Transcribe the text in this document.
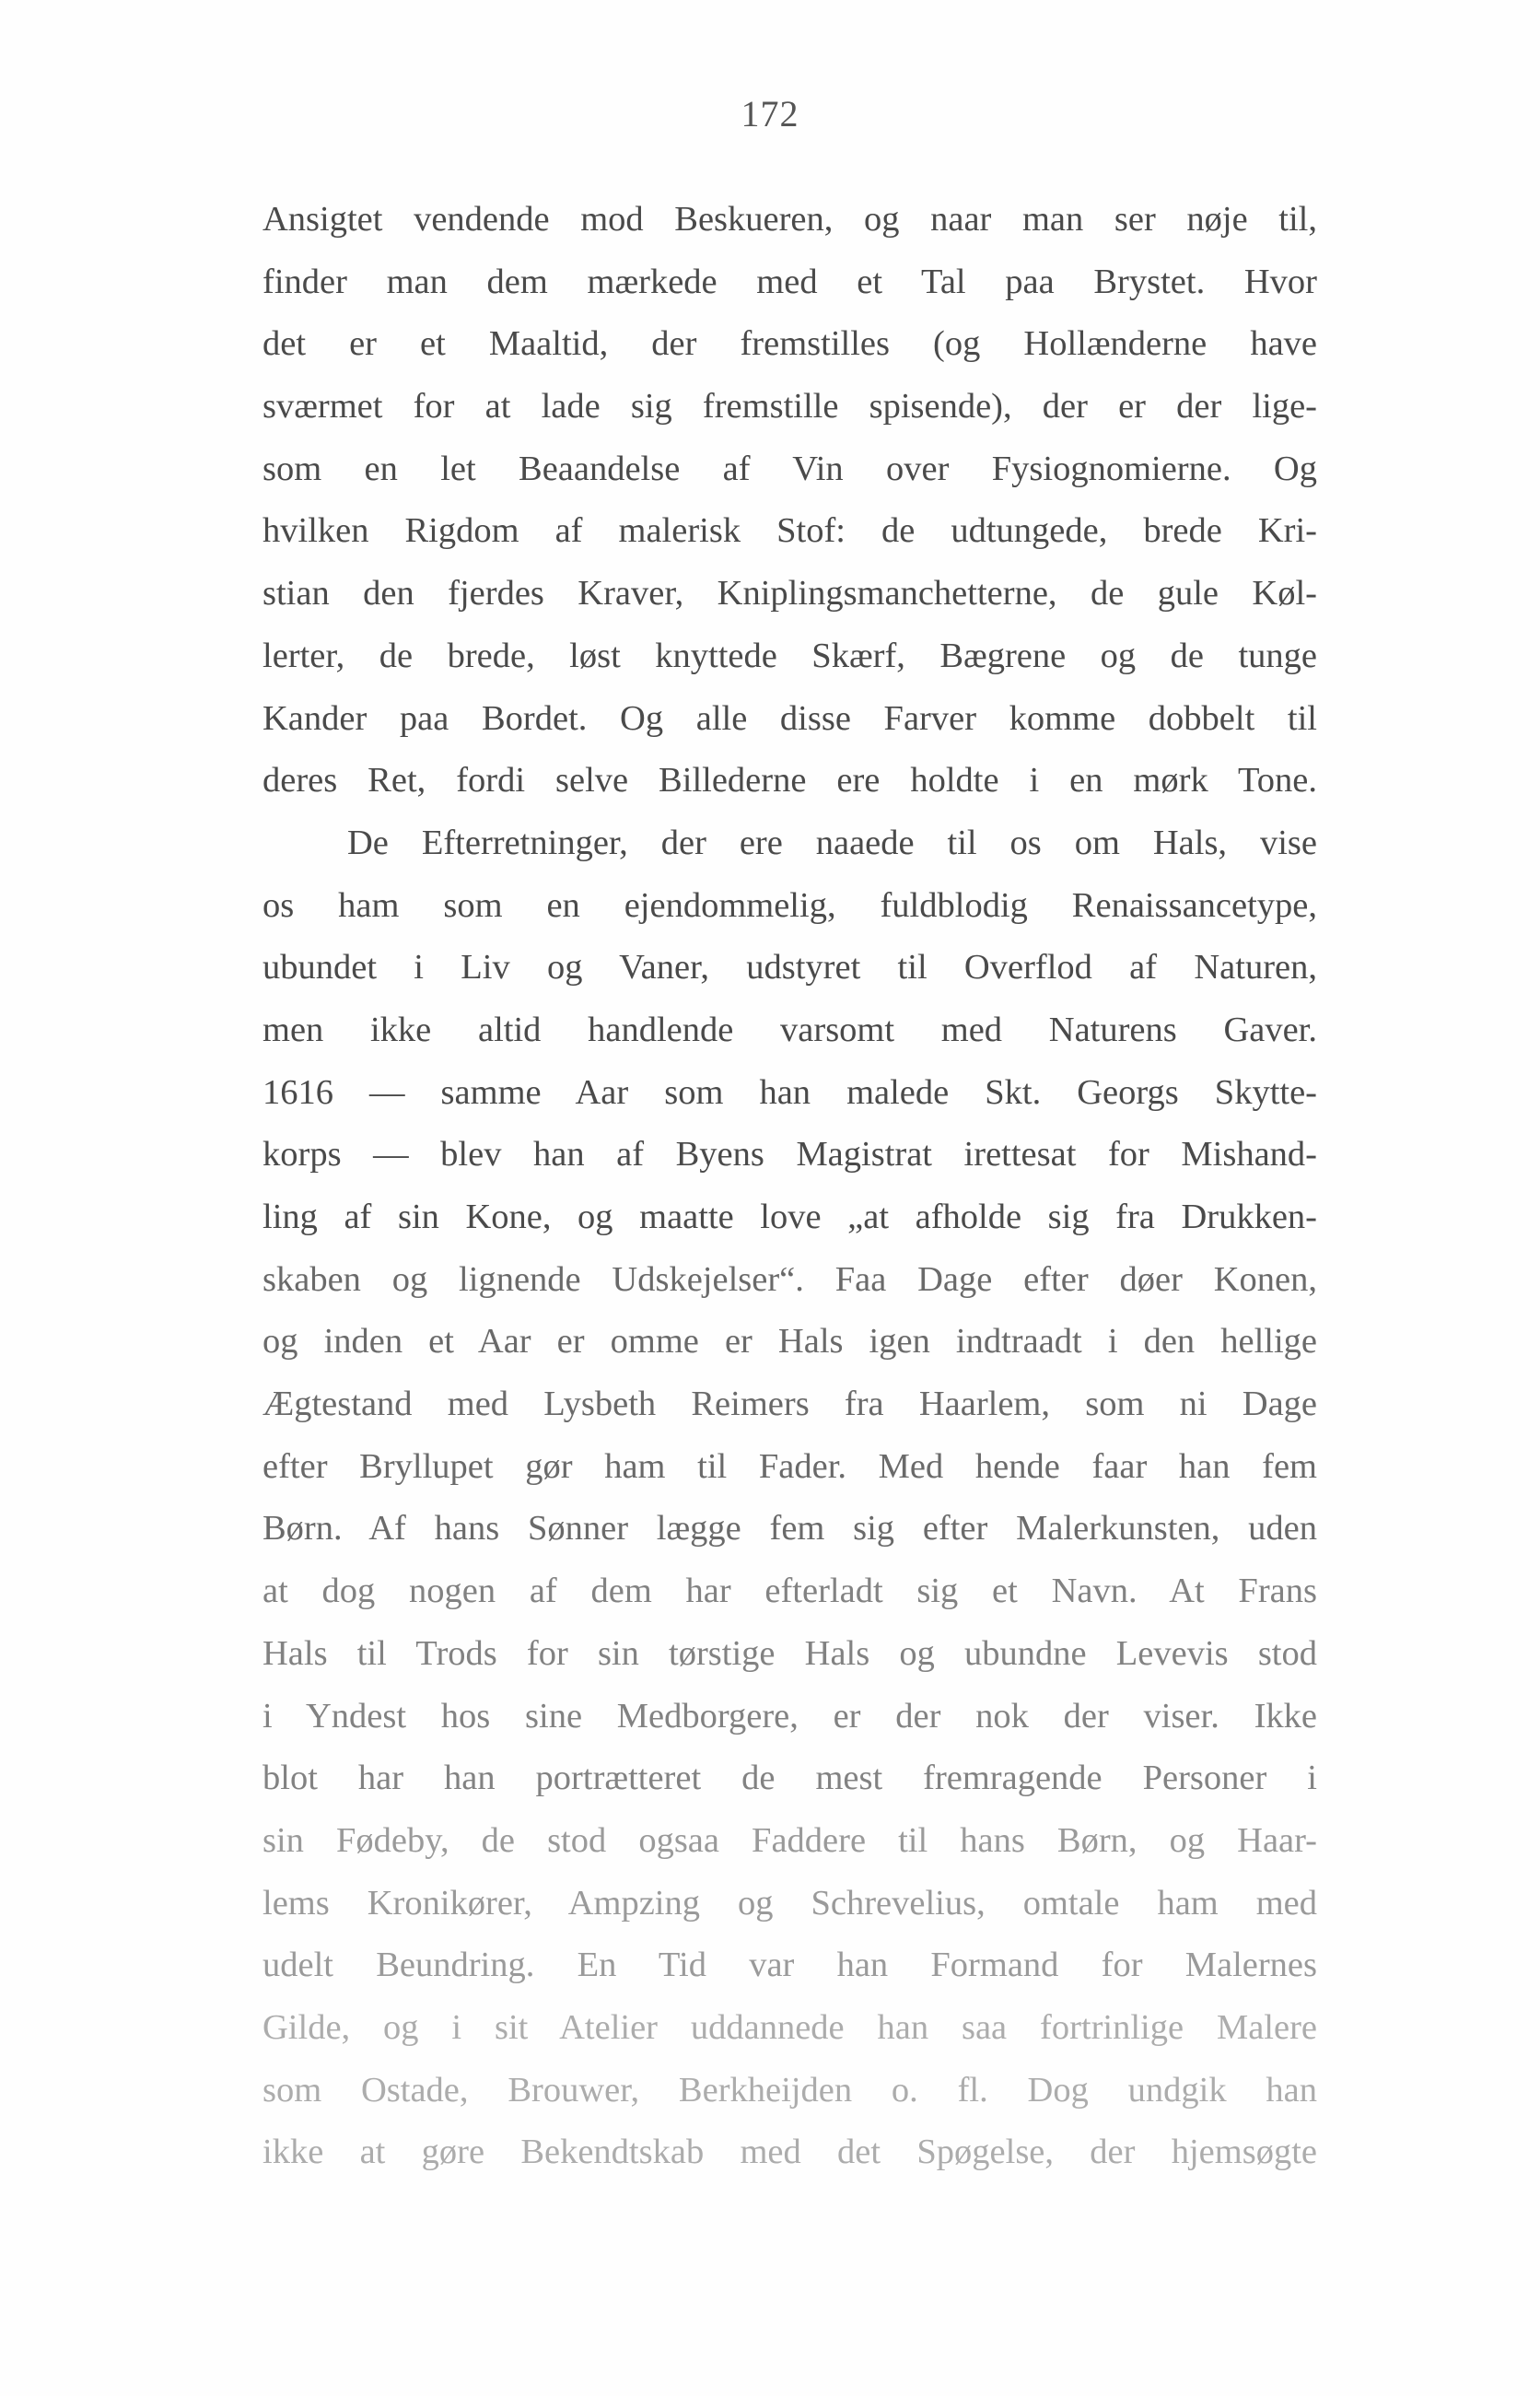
172
Ansigtet vendende mod Beskueren, og naar man ser nøje til,
finder man dem mærkede med et Tal paa Brystet. Hvor
det er et Maaltid, der fremstilles (og Hollænderne have
sværmet for at lade sig fremstille spisende), der er der lige-
som en let Beaandelse af Vin over Fysiognomierne. Og
hvilken Rigdom af malerisk Stof: de udtungede, brede Kri-
stian den fjerdes Kraver, Kniplingsmanchetterne, de gule Køl-
lerter, de brede, løst knyttede Skærf, Bægrene og de tunge
Kander paa Bordet. Og alle disse Farver komme dobbelt til
deres Ret, fordi selve Billederne ere holdte i en mørk Tone.
De Efterretninger, der ere naaede til os om Hals, vise
os ham som en ejendommelig, fuldblodig Renaissancetype,
ubundet i Liv og Vaner, udstyret til Overflod af Naturen,
men ikke altid handlende varsomt med Naturens Gaver.
1616 — samme Aar som han malede Skt. Georgs Skytte-
korps — blev han af Byens Magistrat irettesat for Mishand-
ling af sin Kone, og maatte love „at afholde sig fra Drukken-
skaben og lignende Udskejelser“. Faa Dage efter døer Konen,
og inden et Aar er omme er Hals igen indtraadt i den hellige
Ægtestand med Lysbeth Reimers fra Haarlem, som ni Dage
efter Bryllupet gør ham til Fader. Med hende faar han fem
Børn. Af hans Sønner lægge fem sig efter Malerkunsten, uden
at dog nogen af dem har efterladt sig et Navn. At Frans
Hals til Trods for sin tørstige Hals og ubundne Levevis stod
i Yndest hos sine Medborgere, er der nok der viser. Ikke
blot har han portrætteret de mest fremragende Personer i
sin Fødeby, de stod ogsaa Faddere til hans Børn, og Haar-
lems Kronikører, Ampzing og Schrevelius, omtale ham med
udelt Beundring. En Tid var han Formand for Malernes
Gilde, og i sit Atelier uddannede han saa fortrinlige Malere
som Ostade, Brouwer, Berkheijden o. fl. Dog undgik han
ikke at gøre Bekendtskab med det Spøgelse, der hjemsøgte
